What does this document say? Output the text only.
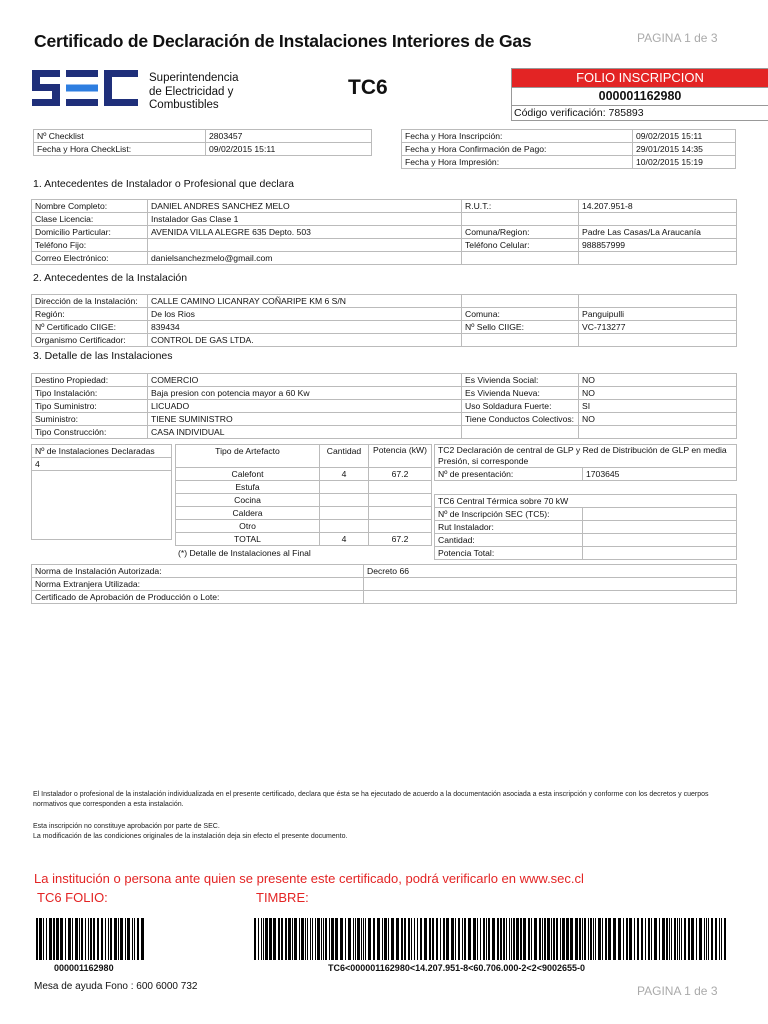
Certificado de Declaración de Instalaciones Interiores de Gas	PAGINA 1 de 3
Superintendencia
de Electricidad y
Combustibles
TC6	FOLIO INSCRIPCION
000001162980
Código verificación: 785893
Nº Checklist	2803457
Fecha y Hora CheckList:	09/02/2015 15:11
Fecha y Hora Inscripción:	09/02/2015 15:11
Fecha y Hora Confirmación de Pago:	29/01/2015 14:35
Fecha y Hora Impresión:	10/02/2015 15:19
1. Antecedentes de Instalador o Profesional que declara
Nombre Completo:	DANIEL ANDRES SANCHEZ MELO	R.U.T.:	14.207.951-8
Clase Licencia:	Instalador Gas Clase 1		
Domicilio Particular:	AVENIDA VILLA ALEGRE 635 Depto. 503	Comuna/Region:	Padre Las Casas/La Araucanía
Teléfono Fijo:		Teléfono Celular:	988857999
Correo Electrónico:	danielsanchezmelo@gmail.com		
2. Antecedentes de la Instalación
Dirección de la Instalación:	CALLE CAMINO LICANRAY COÑARIPE KM 6 S/N		
Región:	De los Rios	Comuna:	Panguipulli
Nº Certificado CIIGE:	839434	Nº Sello CIIGE:	VC-713277
Organismo Certificador:	CONTROL DE GAS LTDA.		
3. Detalle de las Instalaciones
Destino Propiedad:	COMERCIO	Es Vivienda Social:	NO
Tipo Instalación:	Baja presion con potencia mayor a 60 Kw	Es Vivienda Nueva:	NO
Tipo Suministro:	LICUADO	Uso Soldadura Fuerte:	SI
Suministro:	TIENE SUMINISTRO	Tiene Conductos Colectivos:	NO
Tipo Construcción:	CASA INDIVIDUAL		
Nº de Instalaciones Declaradas
4

Tipo de Artefacto	Cantidad	Potencia (kW)
Calefont	4	67.2
Estufa		
Cocina		
Caldera		
Otro		
TOTAL	4	67.2
(*) Detalle de Instalaciones al Final
TC2 Declaración de central de GLP y Red de Distribución de GLP en media Presión, si corresponde
Nº de presentación:	1703645
TC6 Central Térmica sobre 70 kW	
Nº de Inscripción SEC (TC5):	
Rut Instalador:	
Cantidad:	
Potencia Total:	
Norma de Instalación Autorizada:	Decreto 66
Norma Extranjera Utilizada:	
Certificado de Aprobación de Producción o Lote:	
El Instalador o profesional de la instalación individualizada en el presente certificado, declara que ésta se ha ejecutado de acuerdo a la documentación asociada a esta inscripción y conforme con los decretos y cuerpos normativos que corresponden a esta instalación.
Esta inscripción no constituye aprobación por parte de SEC.
La modificación de las condiciones originales de la instalación deja sin efecto el presente documento.
La institución o persona ante quien se presente este certificado, podrá verificarlo en www.sec.cl
TC6 FOLIO:	TIMBRE:
000001162980	TC6<000001162980<14.207.951-8<60.706.000-2<2<9002655-0
Mesa de ayuda Fono : 600 6000 732	PAGINA 1 de 3
